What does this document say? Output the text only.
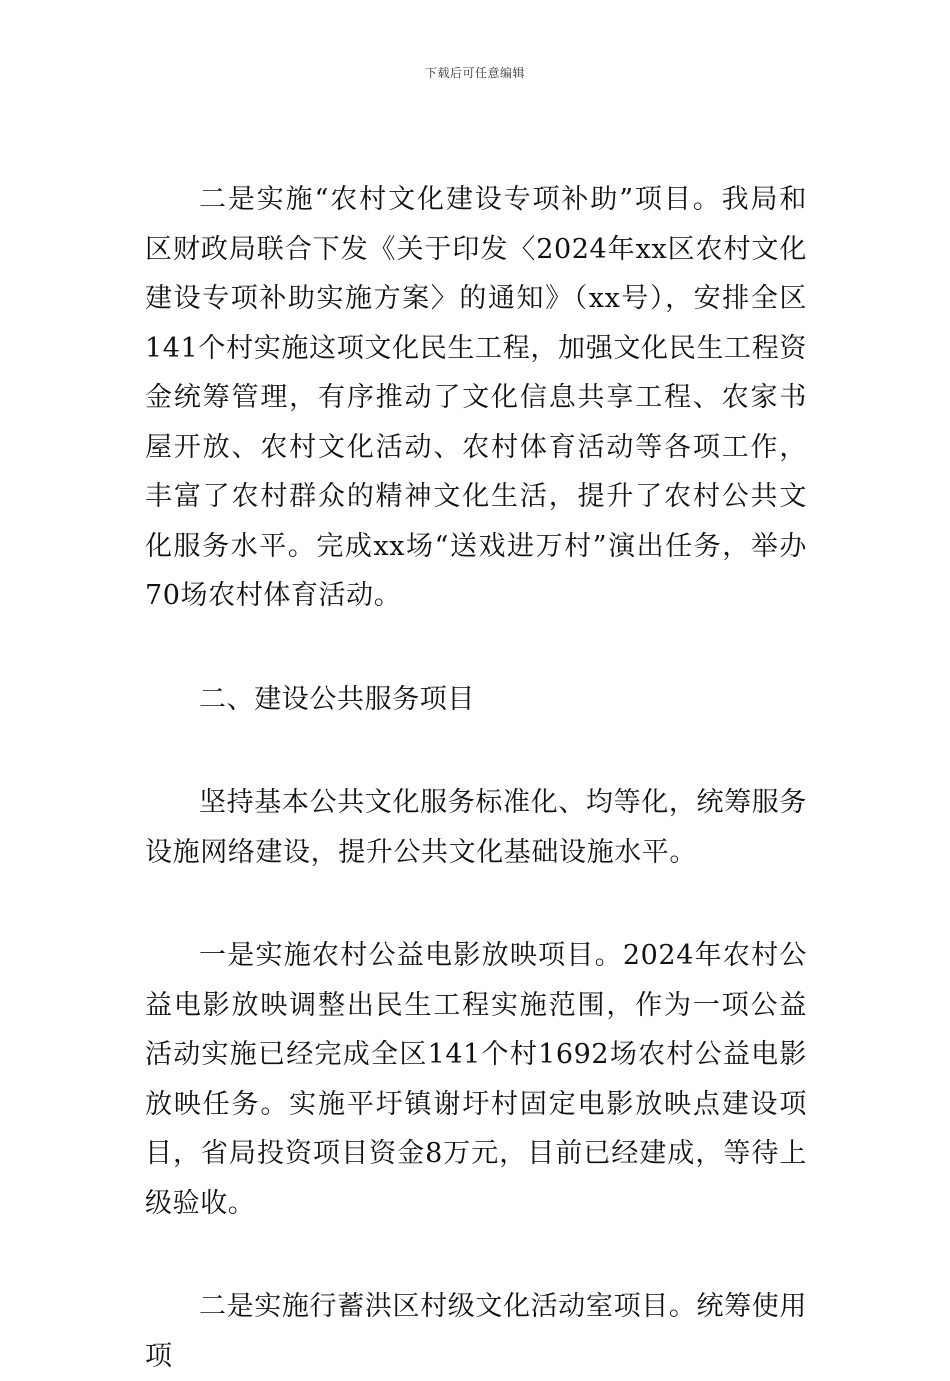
下载后可任意编辑

二是实施“农村文化建设专项补助”项目。我局和区财政局联合下发《关于印发〈2024年xx区农村文化建设专项补助实施方案〉的通知》（xx号），安排全区141个村实施这项文化民生工程，加强文化民生工程资金统筹管理，有序推动了文化信息共享工程、农家书屋开放、农村文化活动、农村体育活动等各项工作，丰富了农村群众的精神文化生活，提升了农村公共文化服务水平。完成xx场“送戏进万村”演出任务，举办70场农村体育活动。

二、建设公共服务项目

坚持基本公共文化服务标准化、均等化，统筹服务设施网络建设，提升公共文化基础设施水平。

一是实施农村公益电影放映项目。2024年农村公益电影放映调整出民生工程实施范围，作为一项公益活动实施已经完成全区141个村1692场农村公益电影放映任务。实施平圩镇谢圩村固定电影放映点建设项目，省局投资项目资金8万元，目前已经建成，等待上级验收。

二是实施行蓄洪区村级文化活动室项目。统筹使用项
